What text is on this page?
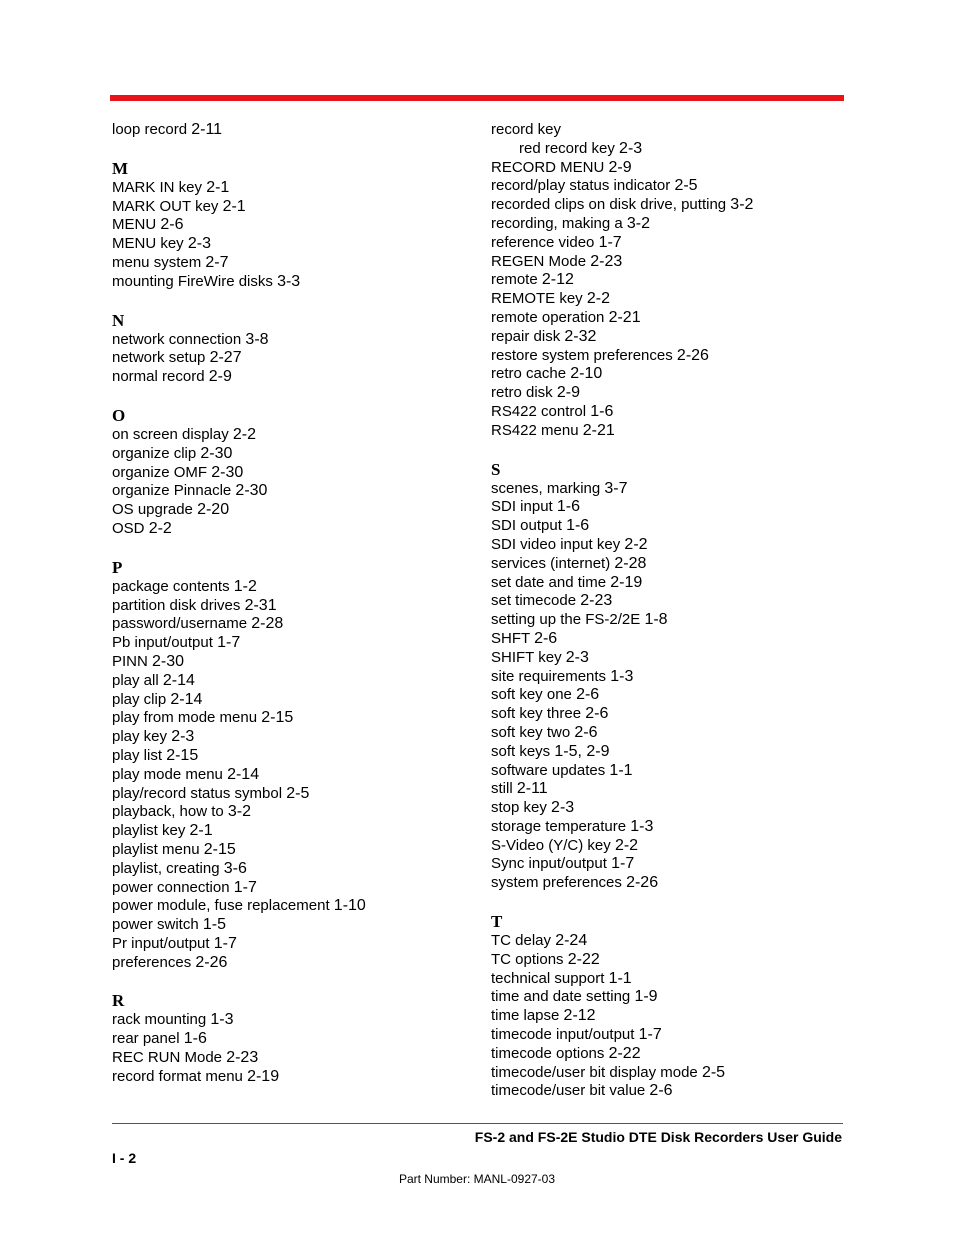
loop record 2-11
M
MARK IN key 2-1
MARK OUT key 2-1
MENU 2-6
MENU key 2-3
menu system 2-7
mounting FireWire disks 3-3
N
network connection 3-8
network setup 2-27
normal record 2-9
O
on screen display 2-2
organize clip 2-30
organize OMF 2-30
organize Pinnacle 2-30
OS upgrade 2-20
OSD 2-2
P
package contents 1-2
partition disk drives 2-31
password/username 2-28
Pb input/output 1-7
PINN 2-30
play all 2-14
play clip 2-14
play from mode menu 2-15
play key 2-3
play list 2-15
play mode menu 2-14
play/record status symbol 2-5
playback, how to 3-2
playlist key 2-1
playlist menu 2-15
playlist, creating 3-6
power connection 1-7
power module, fuse replacement 1-10
power switch 1-5
Pr input/output 1-7
preferences 2-26
R
rack mounting 1-3
rear panel 1-6
REC RUN Mode 2-23
record format menu 2-19
record key
red record key 2-3
RECORD MENU 2-9
record/play status indicator 2-5
recorded clips on disk drive, putting 3-2
recording, making a 3-2
reference video 1-7
REGEN Mode 2-23
remote 2-12
REMOTE key 2-2
remote operation 2-21
repair disk 2-32
restore system preferences 2-26
retro cache 2-10
retro disk 2-9
RS422 control 1-6
RS422 menu 2-21
S
scenes, marking 3-7
SDI input 1-6
SDI output 1-6
SDI video input key 2-2
services (internet) 2-28
set date and time 2-19
set timecode 2-23
setting up the FS-2/2E 1-8
SHFT 2-6
SHIFT key 2-3
site requirements 1-3
soft key one 2-6
soft key three 2-6
soft key two 2-6
soft keys 1-5, 2-9
software updates 1-1
still 2-11
stop key 2-3
storage temperature 1-3
S-Video (Y/C) key 2-2
Sync input/output 1-7
system preferences 2-26
T
TC delay 2-24
TC options 2-22
technical support 1-1
time and date setting 1-9
time lapse 2-12
timecode input/output 1-7
timecode options 2-22
timecode/user bit display mode 2-5
timecode/user bit value 2-6
FS-2 and FS-2E Studio DTE Disk Recorders User Guide
I - 2
Part Number: MANL-0927-03
